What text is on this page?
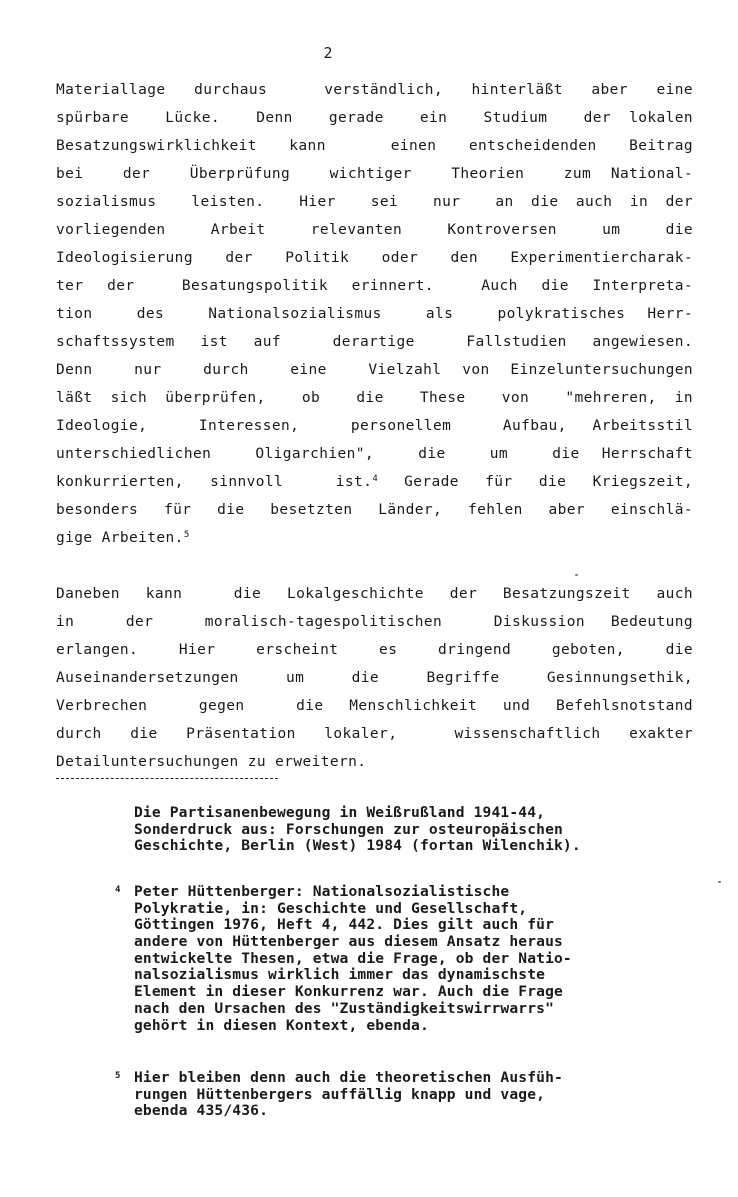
2
Materiallage durchaus  verständlich, hinterläßt aber eine
spürbare  Lücke.  Denn  gerade  ein  Studium  der lokalen
Besatzungswirklichkeit kann  einen entscheidenden Beitrag
bei  der  Überprüfung  wichtiger  Theorien  zum National-
sozialismus  leisten.  Hier  sei  nur  an die auch in der
vorliegenden  Arbeit  relevanten  Kontroversen  um  die
Ideologisierung der Politik oder den Experimentiercharak-
ter der  Besatungspolitik erinnert.  Auch die Interpreta-
tion  des  Nationalsozialismus  als  polykratisches Herr-
schaftssystem ist auf  derartige  Fallstudien angewiesen.
Denn  nur  durch  eine  Vielzahl von Einzeluntersuchungen
läßt sich überprüfen,  ob  die  These  von  "mehreren, in
Ideologie,  Interessen,  personellem  Aufbau, Arbeitsstil
unterschiedlichen  Oligarchien",  die  um  die Herrschaft
konkurrierten, sinnvoll  ist.$^4$ Gerade für die Kriegszeit,
besonders für die besetzten Länder, fehlen aber einschlä-
gige Arbeiten.$^5$
Daneben kann  die Lokalgeschichte der Besatzungszeit auch
in  der  moralisch-tagespolitischen  Diskussion Bedeutung
erlangen.  Hier  erscheint  es  dringend  geboten,  die
Auseinandersetzungen  um  die  Begriffe  Gesinnungsethik,
Verbrechen  gegen  die Menschlichkeit und Befehlsnotstand
durch die Präsentation lokaler,  wissenschaftlich exakter
Detailuntersuchungen zu erweitern.
Die Partisanenbewegung in Weißrußland 1941-44,
Sonderdruck aus: Forschungen zur osteuropäischen
Geschichte, Berlin (West) 1984 (fortan Wilenchik).
4 Peter Hüttenberger: Nationalsozialistische
Polykratie, in: Geschichte und Gesellschaft,
Göttingen 1976, Heft 4, 442. Dies gilt auch für
andere von Hüttenberger aus diesem Ansatz heraus
entwickelte Thesen, etwa die Frage, ob der Natio-
nalsozialismus wirklich immer das dynamischste
Element in dieser Konkurrenz war. Auch die Frage
nach den Ursachen des "Zuständigkeitswirrwarrs"
gehört in diesen Kontext, ebenda.
5 Hier bleiben denn auch die theoretischen Ausfüh-
rungen Hüttenbergers auffällig knapp und vage,
ebenda 435/436.
